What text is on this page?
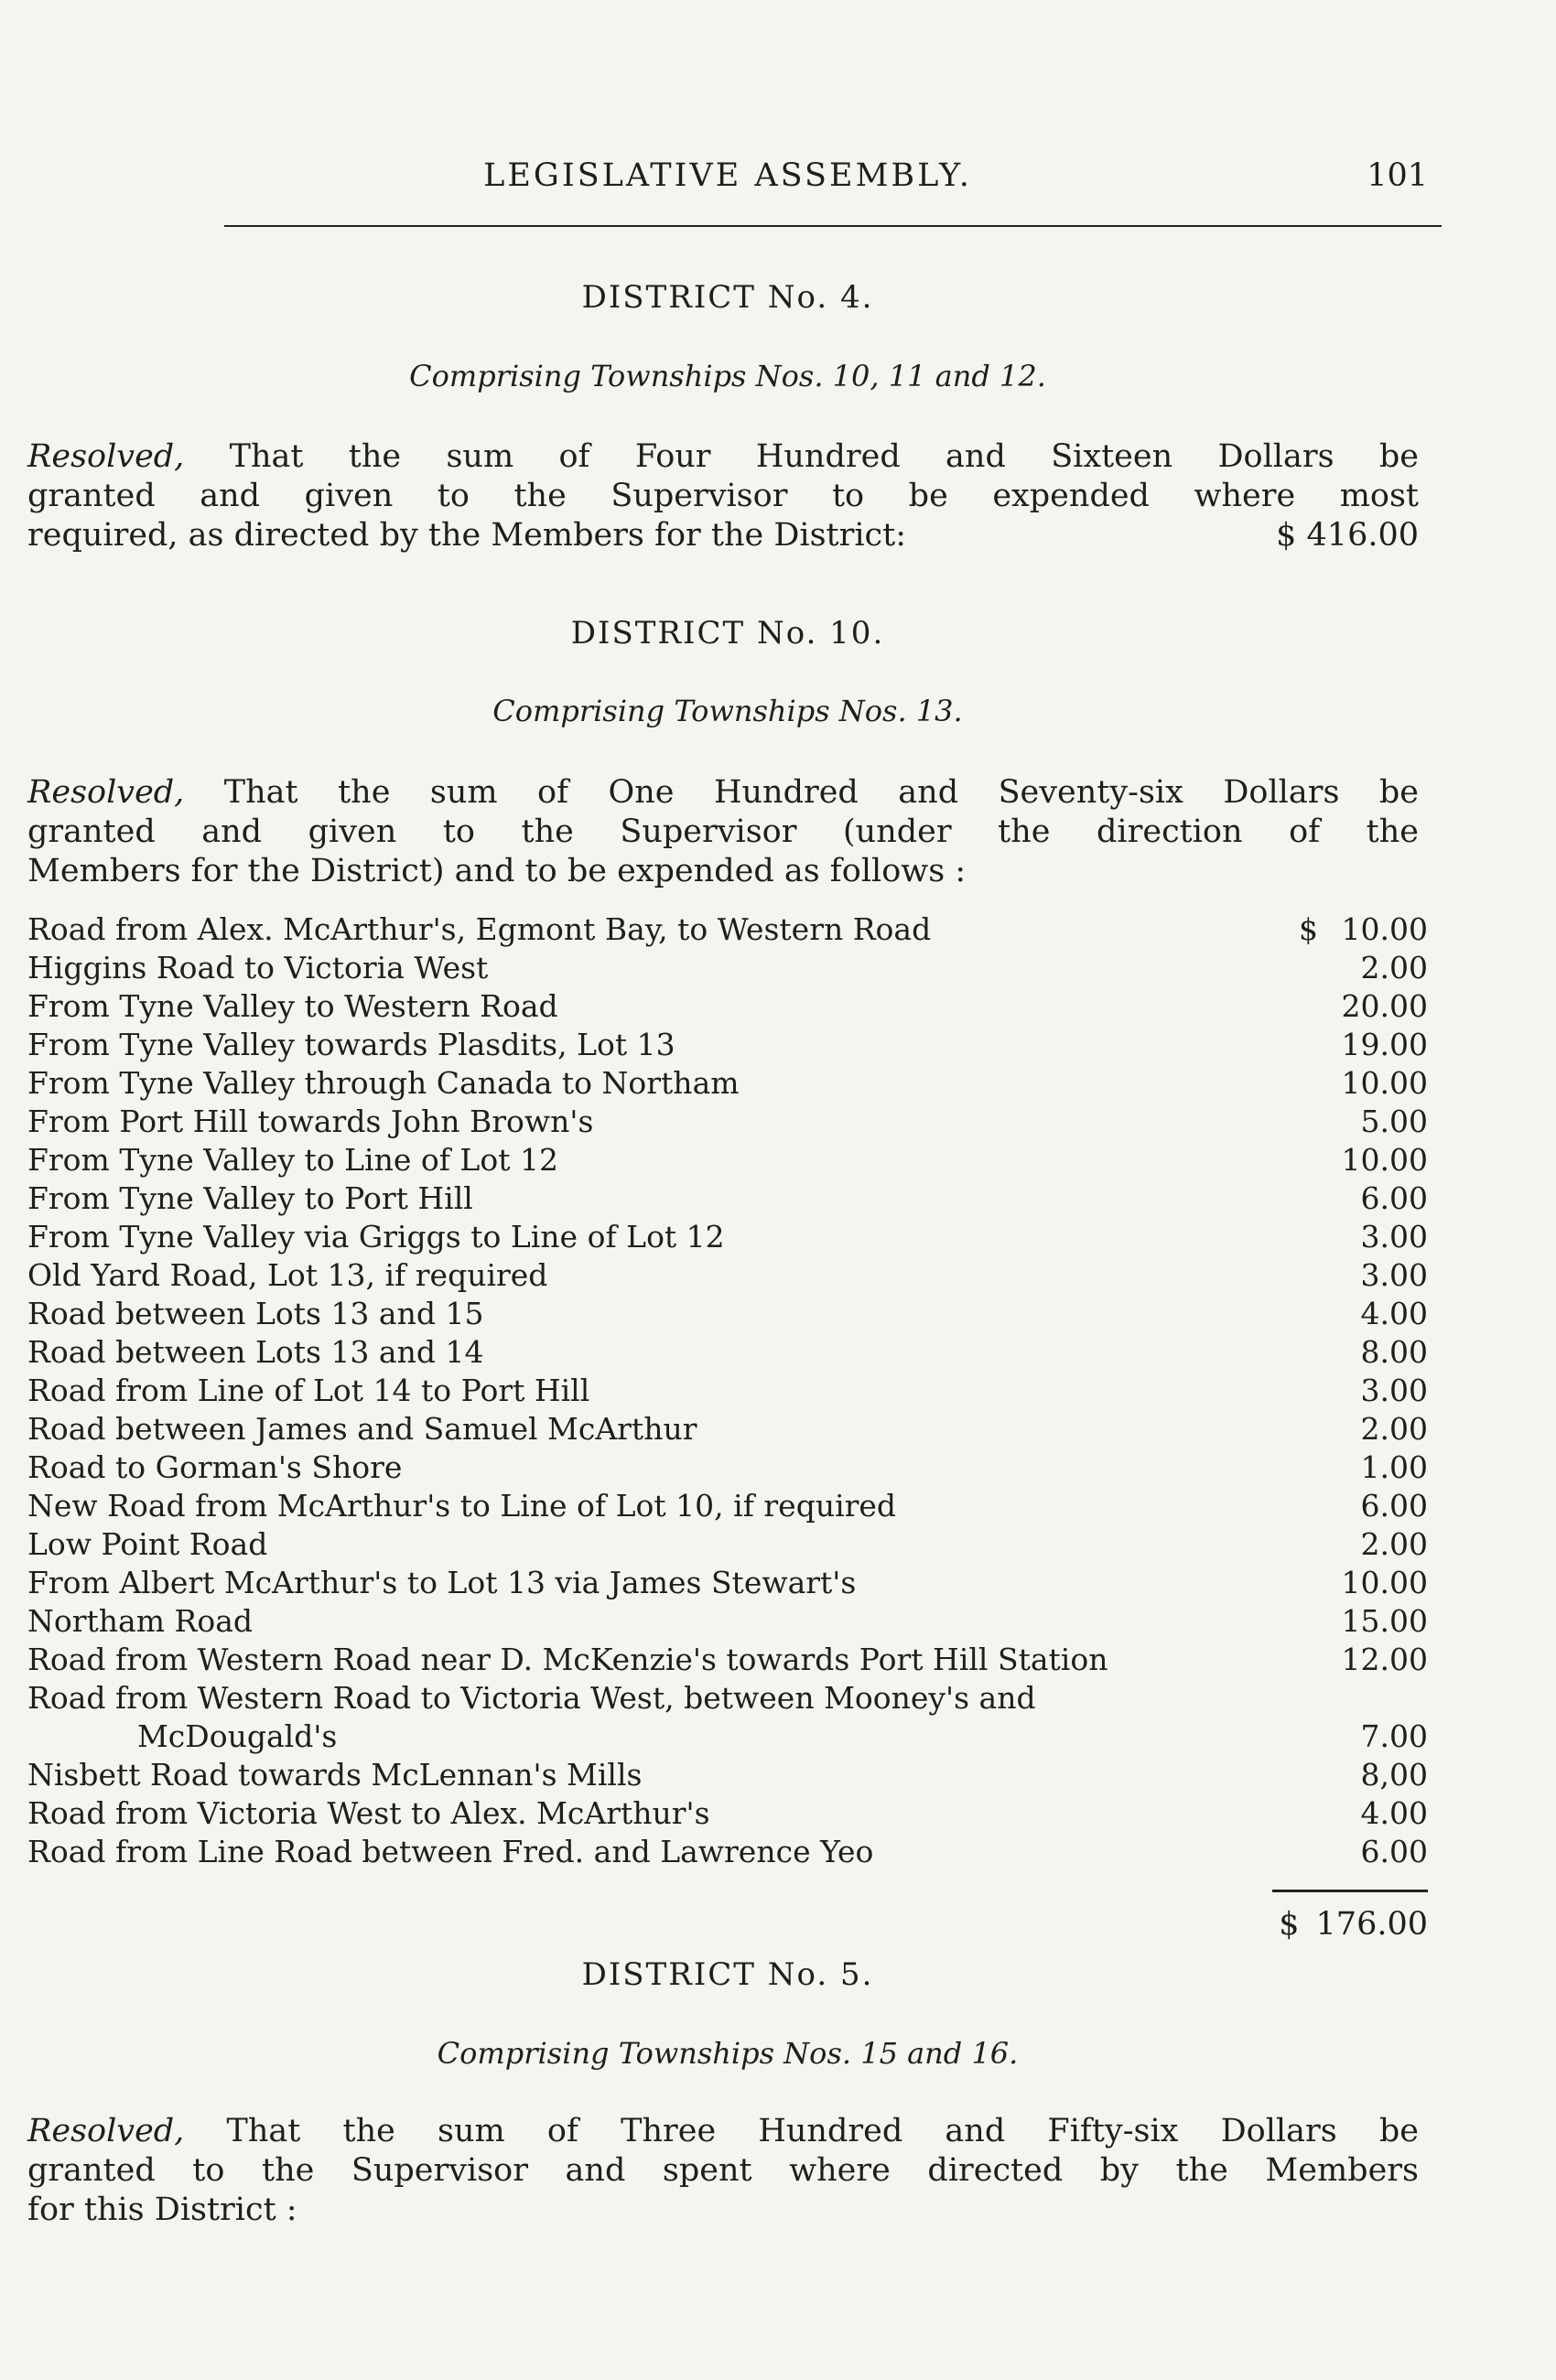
LEGISLATIVE ASSEMBLY.	101
DISTRICT No. 4.
Comprising Townships Nos. 10, 11 and 12.
Resolved, That the sum of Four Hundred and Sixteen Dollars be
granted and given to the Supervisor to be expended where most
required, as directed by the Members for the District:	$ 416.00
DISTRICT No. 10.
Comprising Townships Nos. 13.
Resolved, That the sum of One Hundred and Seventy-six Dollars be
granted and given to the Supervisor (under the direction of the
Members for the District) and to be expended as follows :
Road from Alex. McArthur's, Egmont Bay, to Western Road	$ 10.00
Higgins Road to Victoria West	2.00
From Tyne Valley to Western Road	20.00
From Tyne Valley towards Plasdits, Lot 13	19.00
From Tyne Valley through Canada to Northam	10.00
From Port Hill towards John Brown's	5.00
From Tyne Valley to Line of Lot 12	10.00
From Tyne Valley to Port Hill	6.00
From Tyne Valley via Griggs to Line of Lot 12	3.00
Old Yard Road, Lot 13, if required	3.00
Road between Lots 13 and 15	4.00
Road between Lots 13 and 14	8.00
Road from Line of Lot 14 to Port Hill	3.00
Road between James and Samuel McArthur	2.00
Road to Gorman's Shore	1.00
New Road from McArthur's to Line of Lot 10, if required	6.00
Low Point Road	2.00
From Albert McArthur's to Lot 13 via James Stewart's	10.00
Northam Road	15.00
Road from Western Road near D. McKenzie's towards Port Hill Station	12.00
Road from Western Road to Victoria West, between Mooney's and
McDougald's	7.00
Nisbett Road towards McLennan's Mills	8,00
Road from Victoria West to Alex. McArthur's	4.00
Road from Line Road between Fred. and Lawrence Yeo	6.00
$ 176.00
DISTRICT No. 5.
Comprising Townships Nos. 15 and 16.
Resolved, That the sum of Three Hundred and Fifty-six Dollars be
granted to the Supervisor and spent where directed by the Members
for this District :
